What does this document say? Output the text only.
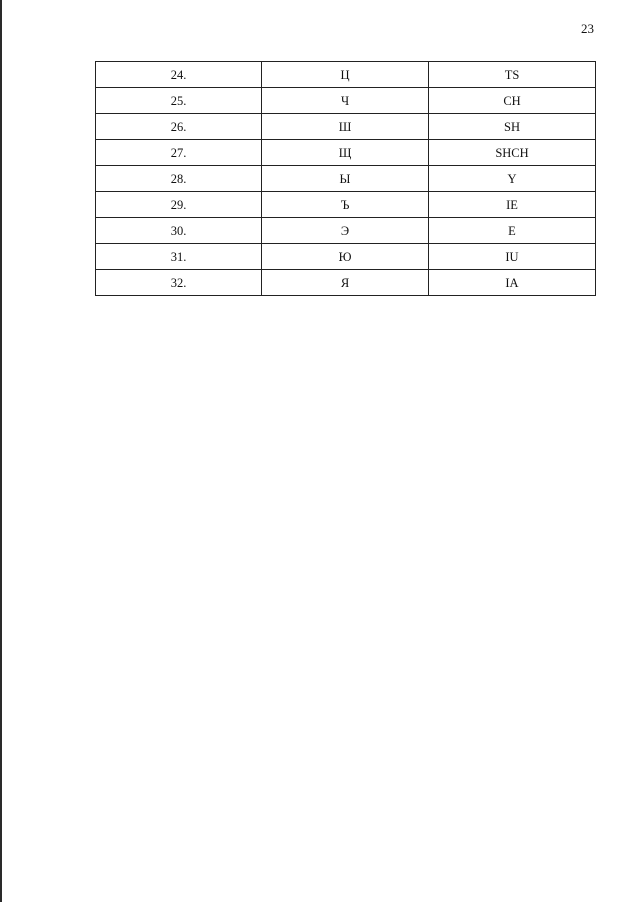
23
24.	Ц	TS
25.	Ч	CH
26.	Ш	SH
27.	Щ	SHCH
28.	Ы	Y
29.	Ъ	IE
30.	Э	E
31.	Ю	IU
32.	Я	IA
